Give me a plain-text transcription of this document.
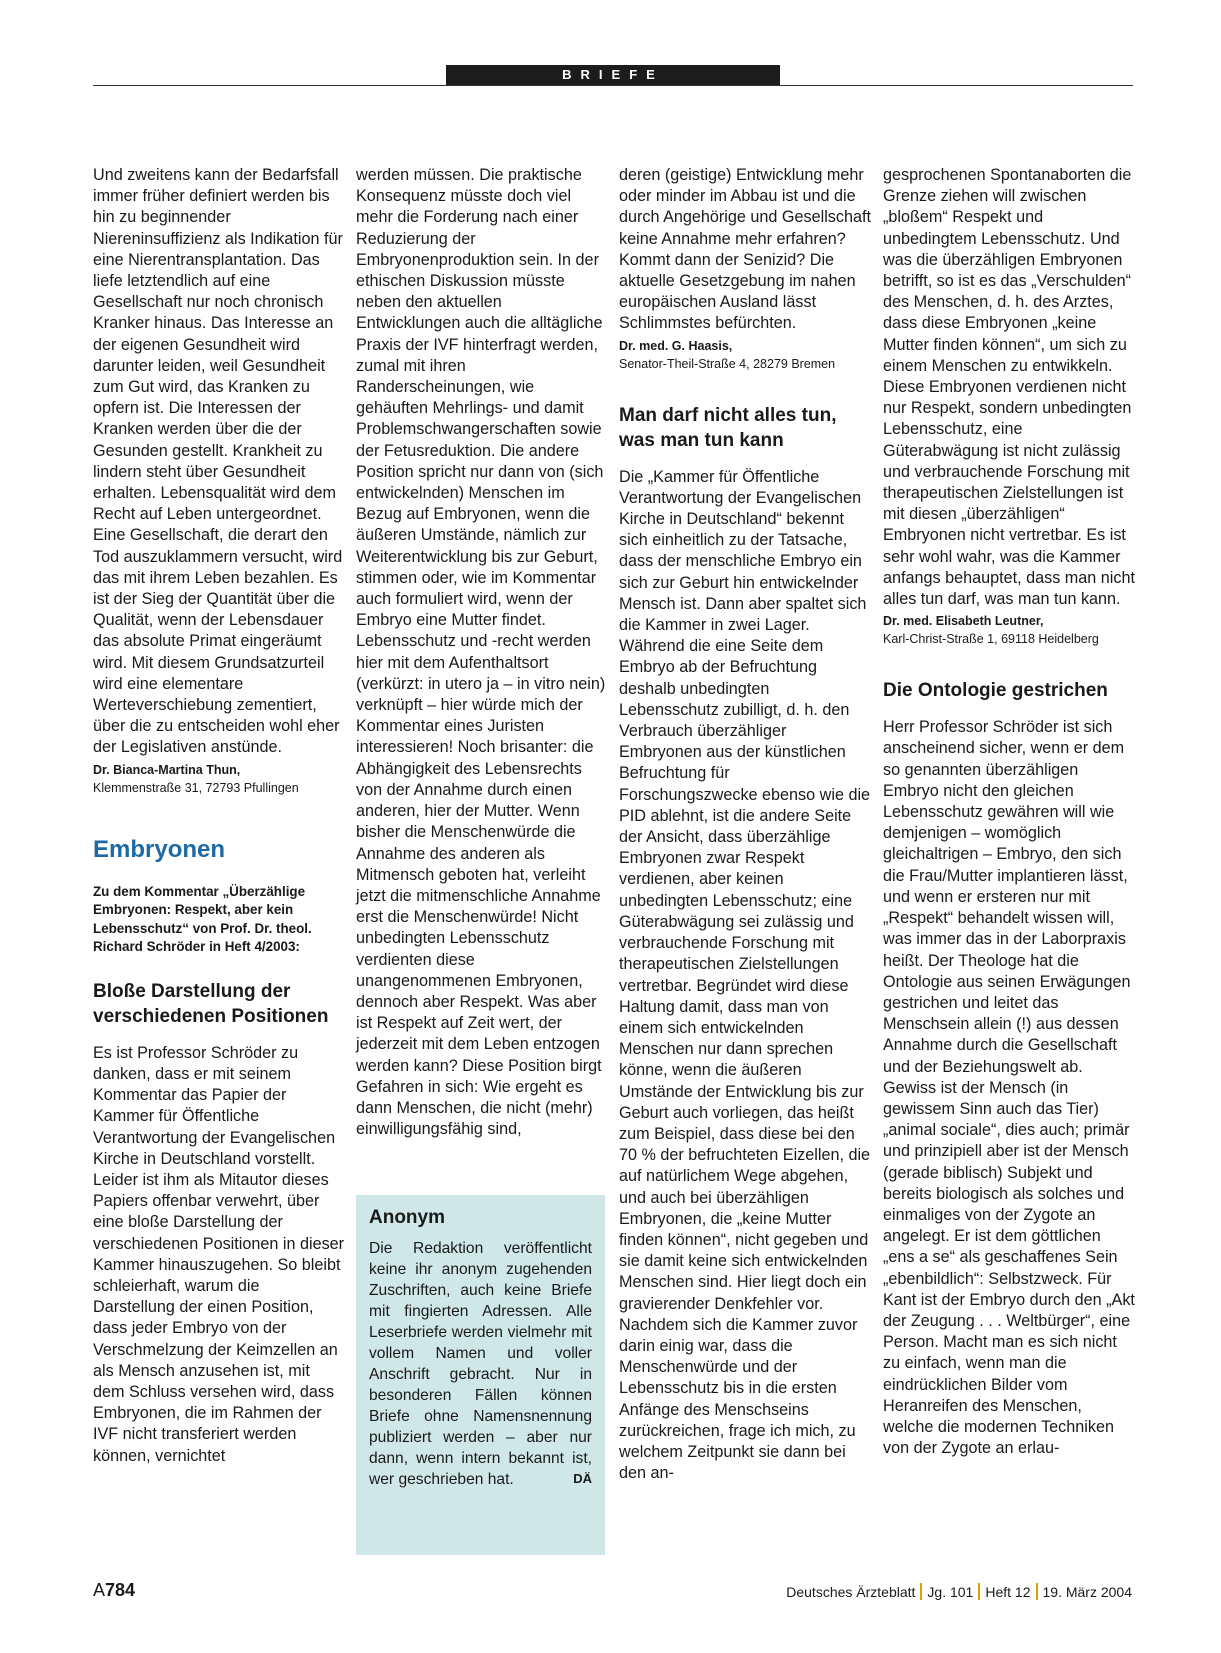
BRIEFE

Und zweitens kann der Bedarfsfall immer früher definiert werden bis hin zu beginnender Niereninsuffizienz als Indikation für eine Nierentransplantation. Das liefe letztendlich auf eine Gesellschaft nur noch chronisch Kranker hinaus. Das Interesse an der eigenen Gesundheit wird darunter leiden, weil Gesundheit zum Gut wird, das Kranken zu opfern ist. Die Interessen der Kranken werden über die der Gesunden gestellt. Krankheit zu lindern steht über Gesundheit erhalten. Lebensqualität wird dem Recht auf Leben untergeordnet. Eine Gesellschaft, die derart den Tod auszuklammern versucht, wird das mit ihrem Leben bezahlen. Es ist der Sieg der Quantität über die Qualität, wenn der Lebensdauer das absolute Primat eingeräumt wird. Mit diesem Grundsatzurteil wird eine elementare Werteverschiebung zementiert, über die zu entscheiden wohl eher der Legislativen anstünde.

Dr. Bianca-Martina Thun,
Klemmenstraße 31, 72793 Pfullingen
Embryonen

Zu dem Kommentar „Überzählige Embryonen: Respekt, aber kein Lebensschutz“ von Prof. Dr. theol. Richard Schröder in Heft 4/2003:

Bloße Darstellung der verschiedenen Positionen

Es ist Professor Schröder zu danken, dass er mit seinem Kommentar das Papier der Kammer für Öffentliche Verantwortung der Evangelischen Kirche in Deutschland vorstellt. Leider ist ihm als Mitautor dieses Papiers offenbar verwehrt, über eine bloße Darstellung der verschiedenen Positionen in dieser Kammer hinauszugehen. So bleibt schleierhaft, warum die Darstellung der einen Position, dass jeder Embryo von der Verschmelzung der Keimzellen an als Mensch anzusehen ist, mit dem Schluss versehen wird, dass Embryonen, die im Rahmen der IVF nicht transferiert werden können, vernichtet

werden müssen. Die praktische Konsequenz müsste doch viel mehr die Forderung nach einer Reduzierung der Embryonenproduktion sein. In der ethischen Diskussion müsste neben den aktuellen Entwicklungen auch die alltägliche Praxis der IVF hinterfragt werden, zumal mit ihren Randerscheinungen, wie gehäuften Mehrlings- und damit Problemschwangerschaften sowie der Fetusreduktion. Die andere Position spricht nur dann von (sich entwickelnden) Menschen im Bezug auf Embryonen, wenn die äußeren Umstände, nämlich zur Weiterentwicklung bis zur Geburt, stimmen oder, wie im Kommentar auch formuliert wird, wenn der Embryo eine Mutter findet. Lebensschutz und -recht werden hier mit dem Aufenthaltsort (verkürzt: in utero ja – in vitro nein) verknüpft – hier würde mich der Kommentar eines Juristen interessieren! Noch brisanter: die Abhängigkeit des Lebensrechts von der Annahme durch einen anderen, hier der Mutter. Wenn bisher die Menschenwürde die Annahme des anderen als Mitmensch geboten hat, verleiht jetzt die mitmenschliche Annahme erst die Menschenwürde! Nicht unbedingten Lebensschutz verdienten diese unangenommenen Embryonen, dennoch aber Respekt. Was aber ist Respekt auf Zeit wert, der jederzeit mit dem Leben entzogen werden kann? Diese Position birgt Gefahren in sich: Wie ergeht es dann Menschen, die nicht (mehr) einwilligungsfähig sind,

Anonym

Die Redaktion veröffentlicht keine ihr anonym zugehenden Zuschriften, auch keine Briefe mit fingierten Adressen. Alle Leserbriefe werden vielmehr mit vollem Namen und voller Anschrift gebracht. Nur in besonderen Fällen können Briefe ohne Namensnennung publiziert werden – aber nur dann, wenn intern bekannt ist, wer geschrieben hat.	DÄ

deren (geistige) Entwicklung mehr oder minder im Abbau ist und die durch Angehörige und Gesellschaft keine Annahme mehr erfahren? Kommt dann der Senizid? Die aktuelle Gesetzgebung im nahen europäischen Ausland lässt Schlimmstes befürchten.

Dr. med. G. Haasis,
Senator-Theil-Straße 4, 28279 Bremen
Man darf nicht alles tun, was man tun kann

Die „Kammer für Öffentliche Verantwortung der Evangelischen Kirche in Deutschland“ bekennt sich einheitlich zu der Tatsache, dass der menschliche Embryo ein sich zur Geburt hin entwickelnder Mensch ist. Dann aber spaltet sich die Kammer in zwei Lager. Während die eine Seite dem Embryo ab der Befruchtung deshalb unbedingten Lebensschutz zubilligt, d. h. den Verbrauch überzähliger Embryonen aus der künstlichen Befruchtung für Forschungszwecke ebenso wie die PID ablehnt, ist die andere Seite der Ansicht, dass überzählige Embryonen zwar Respekt verdienen, aber keinen unbedingten Lebensschutz; eine Güterabwägung sei zulässig und verbrauchende Forschung mit therapeutischen Zielstellungen vertretbar. Begründet wird diese Haltung damit, dass man von einem sich entwickelnden Menschen nur dann sprechen könne, wenn die äußeren Umstände der Entwicklung bis zur Geburt auch vorliegen, das heißt zum Beispiel, dass diese bei den 70 % der befruchteten Eizellen, die auf natürlichem Wege abgehen, und auch bei überzähligen Embryonen, die „keine Mutter finden können“, nicht gegeben und sie damit keine sich entwickelnden Menschen sind. Hier liegt doch ein gravierender Denkfehler vor. Nachdem sich die Kammer zuvor darin einig war, dass die Menschenwürde und der Lebensschutz bis in die ersten Anfänge des Menschseins zurückreichen, frage ich mich, zu welchem Zeitpunkt sie dann bei den an-

gesprochenen Spontanaborten die Grenze ziehen will zwischen „bloßem“ Respekt und unbedingtem Lebensschutz. Und was die überzähligen Embryonen betrifft, so ist es das „Verschulden“ des Menschen, d. h. des Arztes, dass diese Embryonen „keine Mutter finden können“, um sich zu einem Menschen zu entwikkeln. Diese Embryonen verdienen nicht nur Respekt, sondern unbedingten Lebensschutz, eine Güterabwägung ist nicht zulässig und verbrauchende Forschung mit therapeutischen Zielstellungen ist mit diesen „überzähligen“ Embryonen nicht vertretbar. Es ist sehr wohl wahr, was die Kammer anfangs behauptet, dass man nicht alles tun darf, was man tun kann.

Dr. med. Elisabeth Leutner,
Karl-Christ-Straße 1, 69118 Heidelberg
Die Ontologie gestrichen

Herr Professor Schröder ist sich anscheinend sicher, wenn er dem so genannten überzähligen Embryo nicht den gleichen Lebensschutz gewähren will wie demjenigen – womöglich gleichaltrigen – Embryo, den sich die Frau/Mutter implantieren lässt, und wenn er ersteren nur mit „Respekt“ behandelt wissen will, was immer das in der Laborpraxis heißt. Der Theologe hat die Ontologie aus seinen Erwägungen gestrichen und leitet das Menschsein allein (!) aus dessen Annahme durch die Gesellschaft und der Beziehungswelt ab. Gewiss ist der Mensch (in gewissem Sinn auch das Tier) „animal sociale“, dies auch; primär und prinzipiell aber ist der Mensch (gerade biblisch) Subjekt und bereits biologisch als solches und einmaliges von der Zygote an angelegt. Er ist dem göttlichen „ens a se“ als geschaffenes Sein „ebenbildlich“: Selbstzweck. Für Kant ist der Embryo durch den „Akt der Zeugung . . . Weltbürger“, eine Person. Macht man es sich nicht zu einfach, wenn man die eindrücklichen Bilder vom Heranreifen des Menschen, welche die modernen Techniken von der Zygote an erlau-

A784	Deutsches Ärzteblatt Jg. 101 Heft 12 19. März 2004
